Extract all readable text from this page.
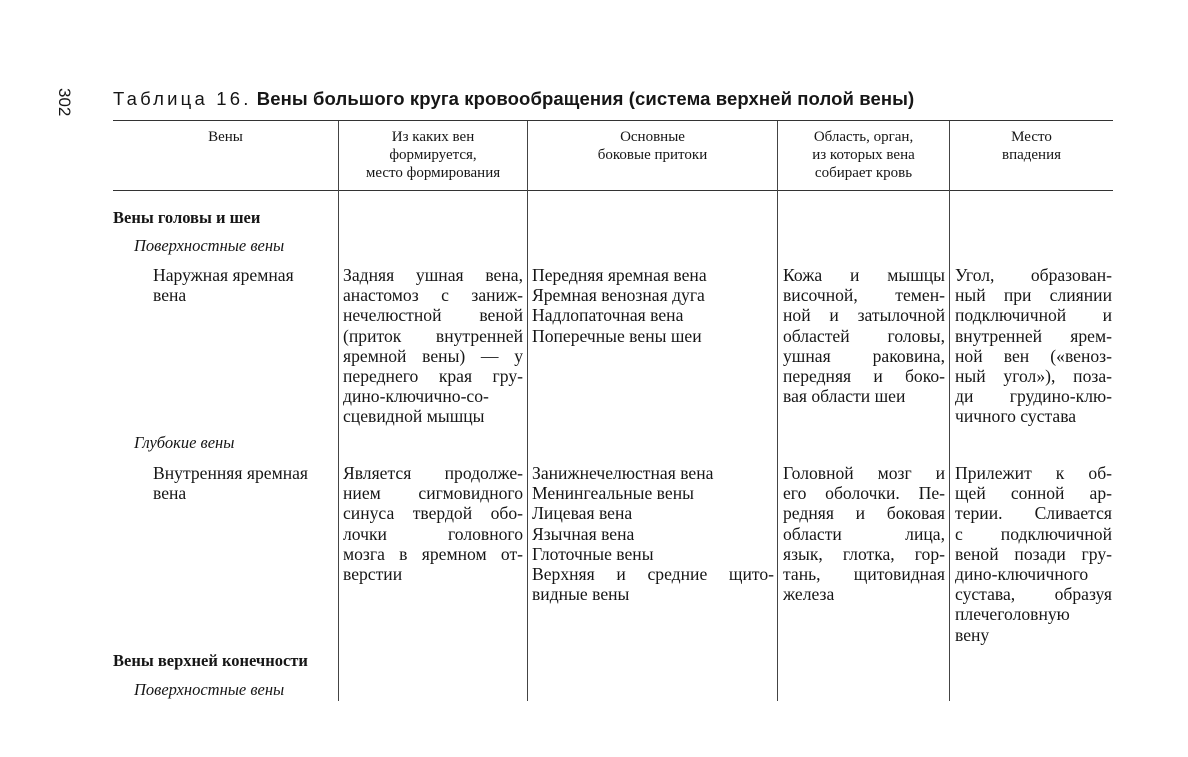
302 Таблица 16. Вены большого круга кровообращения (система верхней полой вены)
Вены	Из каких вен
формируется,
место формирования
Основные
боковые притоки
Область, орган,
из которых вена
собирает кровь
Место
впадения
Вены головы и шеи
Поверхностные вены
Глубокие вены
Вены верхней конечности
Поверхностные вены
Наружная яремная
вена
Задняя ушная вена,
анастомоз с заниж-
нечелюстной веной
(приток внутренней
яремной вены) — у
переднего края гру-
дино-ключично-со-
сцевидной мышцы
Передняя яремная вена
Яремная венозная дуга
Надлопаточная вена
Поперечные вены шеи
Кожа и мышцы
височной, темен-
ной и затылочной
областей головы,
ушная раковина,
передняя и боко-
вая области шеи
Угол, образован-
ный при слиянии
подключичной и
внутренней ярем-
ной вен («веноз-
ный угол»), поза-
ди грудино-клю-
чичного сустава
Внутренняя яремная
вена
Является продолже-
нием сигмовидного
синуса твердой обо-
лочки головного
мозга в яремном от-
верстии
Занижнечелюстная вена
Менингеальные вены
Лицевая вена
Язычная вена
Глоточные вены
Верхняя и средние щито-
видные вены
Головной мозг и
его оболочки. Пе-
редняя и боковая
области лица,
язык, глотка, гор-
тань, щитовидная
железа
Прилежит к об-
щей сонной ар-
терии. Сливается
с подключичной
веной позади гру-
дино-ключичного
сустава, образуя
плечеголовную
вену
